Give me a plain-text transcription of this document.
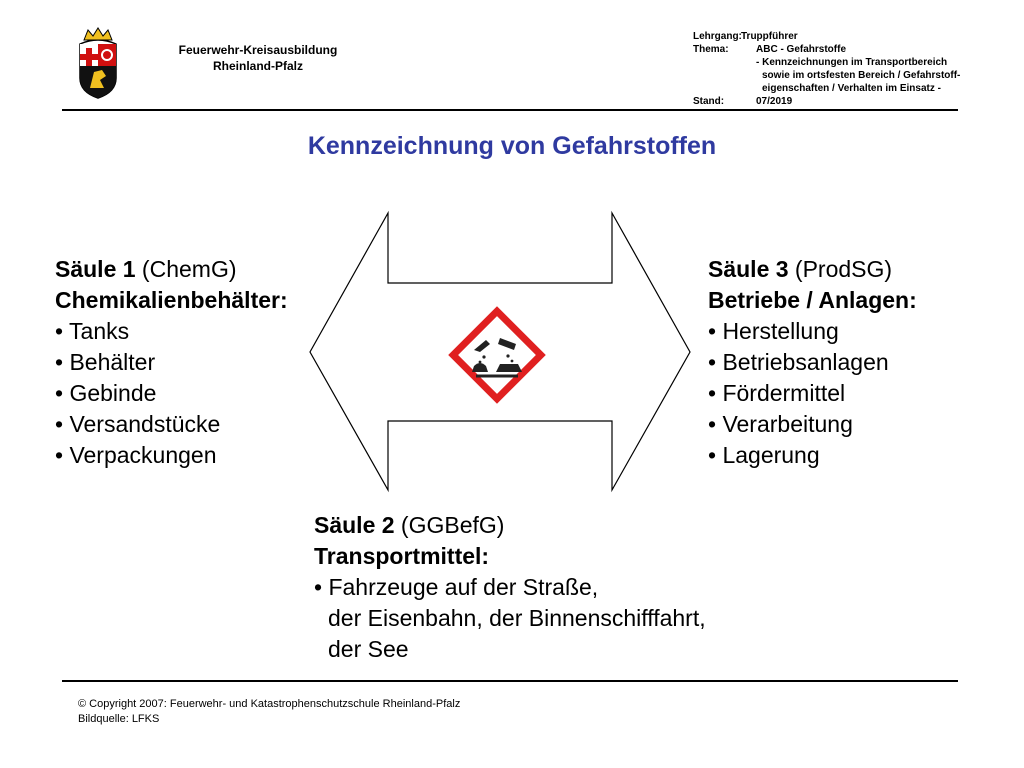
Feuerwehr-Kreisausbildung
Rheinland-Pfalz
Lehrgang: Truppführer
Thema:	ABC - Gefahrstoffe
- Kennzeichnungen im Transportbereich
sowie im ortsfesten Bereich / Gefahrstoff-
eigenschaften / Verhalten im Einsatz -
Stand:	07/2019
Kennzeichnung von Gefahrstoffen
Säule 1 (ChemG)
Chemikalienbehälter:
• Tanks
• Behälter
• Gebinde
• Versandstücke
• Verpackungen
Säule 3 (ProdSG)
Betriebe / Anlagen:
• Herstellung
• Betriebsanlagen
• Fördermittel
• Verarbeitung
• Lagerung
Säule 2 (GGBefG)
Transportmittel:
• Fahrzeuge auf der Straße,
der Eisenbahn, der Binnenschifffahrt,
der See
© Copyright 2007: Feuerwehr- und Katastrophenschutzschule Rheinland-Pfalz
Bildquelle: LFKS
